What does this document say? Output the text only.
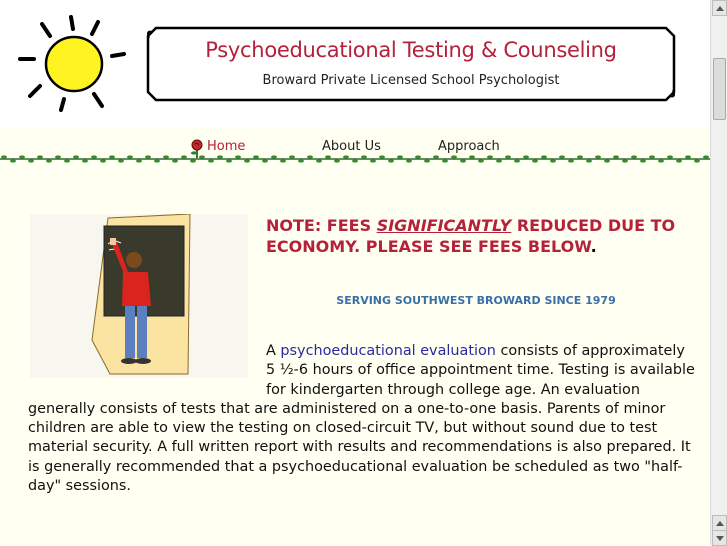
Psychoeducational Testing & Counseling
Broward Private Licensed School Psychologist
Home	About Us	Approach
NOTE: FEES SIGNIFICANTLY REDUCED DUE TO ECONOMY. PLEASE SEE FEES BELOW.
SERVING SOUTHWEST BROWARD SINCE 1979
A psychoeducational evaluation consists of approximately 5 ½-6 hours of office appointment time. Testing is available for kindergarten through college age. An evaluation generally consists of tests that are administered on a one-to-one basis. Parents of minor children are able to view the testing on closed-circuit TV, but without sound due to test material security. A full written report with results and recommendations is also prepared. It is generally recommended that a psychoeducational evaluation be scheduled as two "half-day" sessions.
